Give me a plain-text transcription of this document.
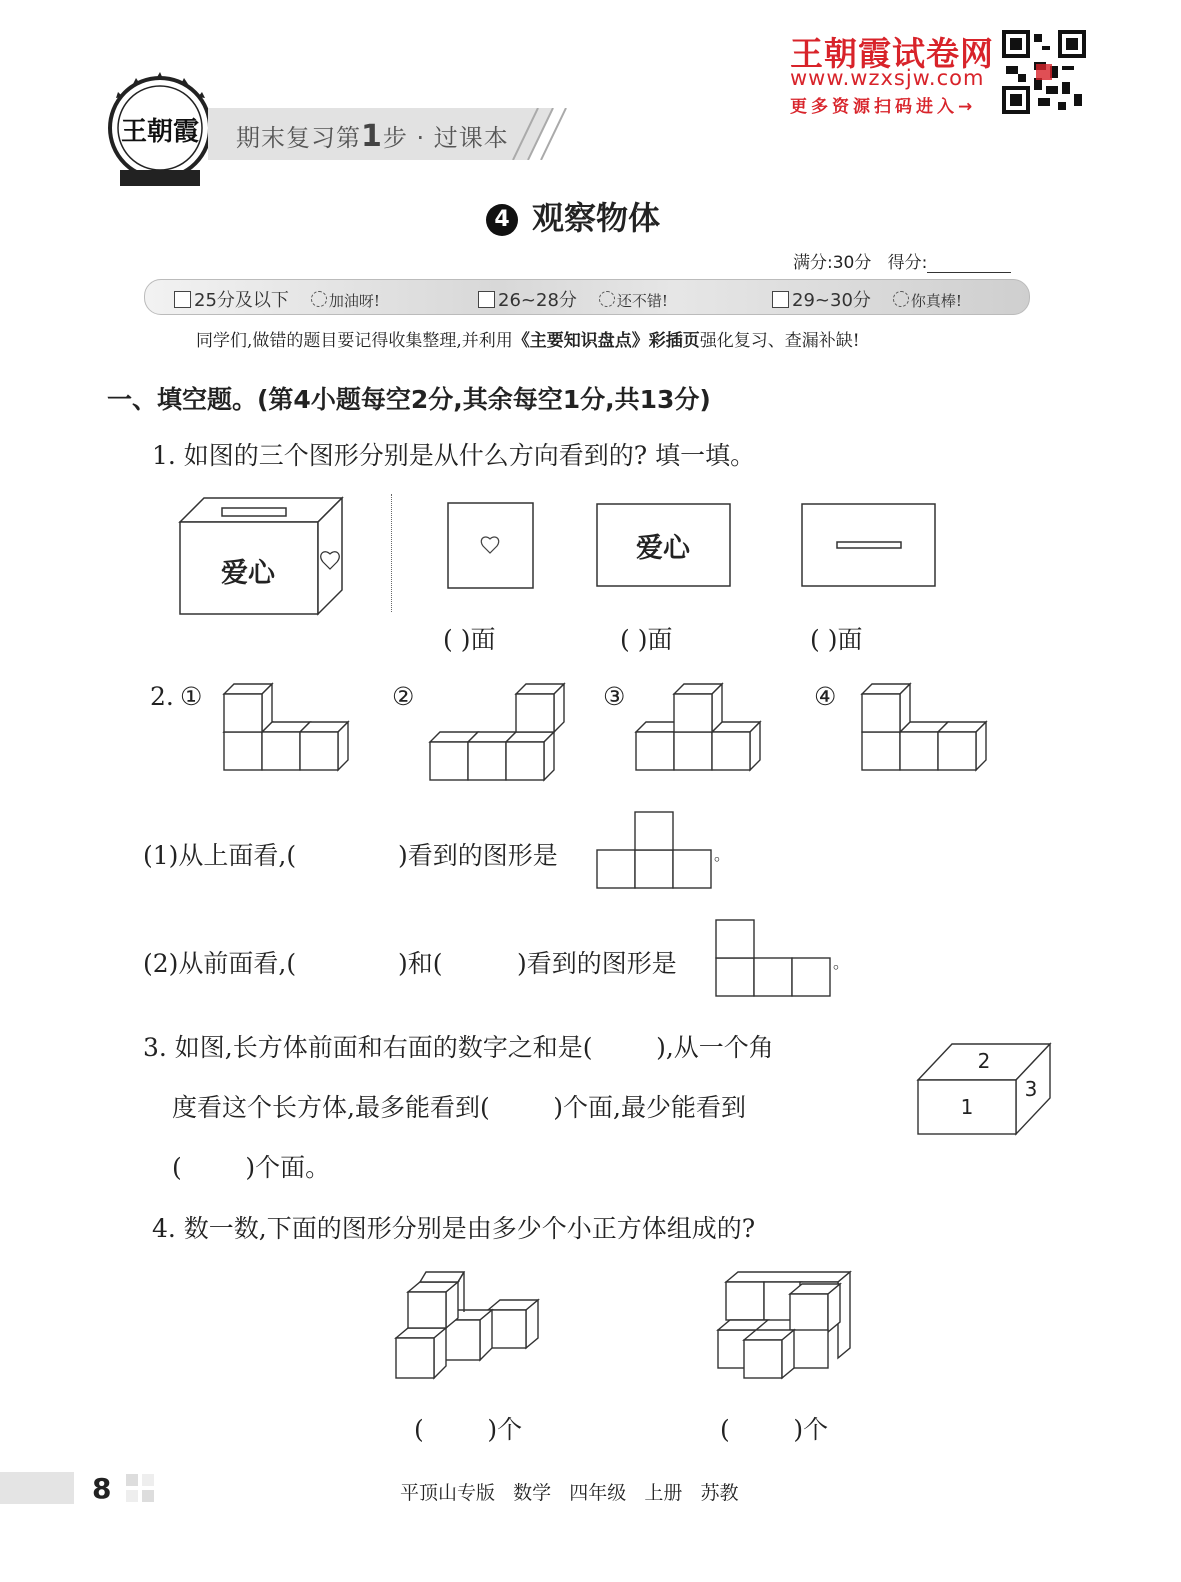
王朝霞 期末复习第1步 · 过课本
王朝霞试卷网
www.wzxsjw.com
更多资源扫码进入→
4 观察物体
满分:30分 得分:
25分及以下	加油呀!	26~28分	还不错!	29~30分	你真棒!
同学们,做错的题目要记得收集整理,并利用《主要知识盘点》彩插页强化复习、查漏补缺!
一、填空题。(第4小题每空2分,其余每空1分,共13分)
1. 如图的三个图形分别是从什么方向看到的? 填一填。
爱心
爱心
( )面	( )面	( )面
2. ①	②	③	④
(1)从上面看,(	)看到的图形是	。
(2)从前面看,(	)和(	)看到的图形是	。
3. 如图,长方体前面和右面的数字之和是(        ),从一个角
度看这个长方体,最多能看到(        )个面,最少能看到
(        )个面。
2
1
3
4. 数一数,下面的图形分别是由多少个小正方体组成的?
(        )个	(        )个
8	平顶山专版   数学   四年级   上册   苏教
